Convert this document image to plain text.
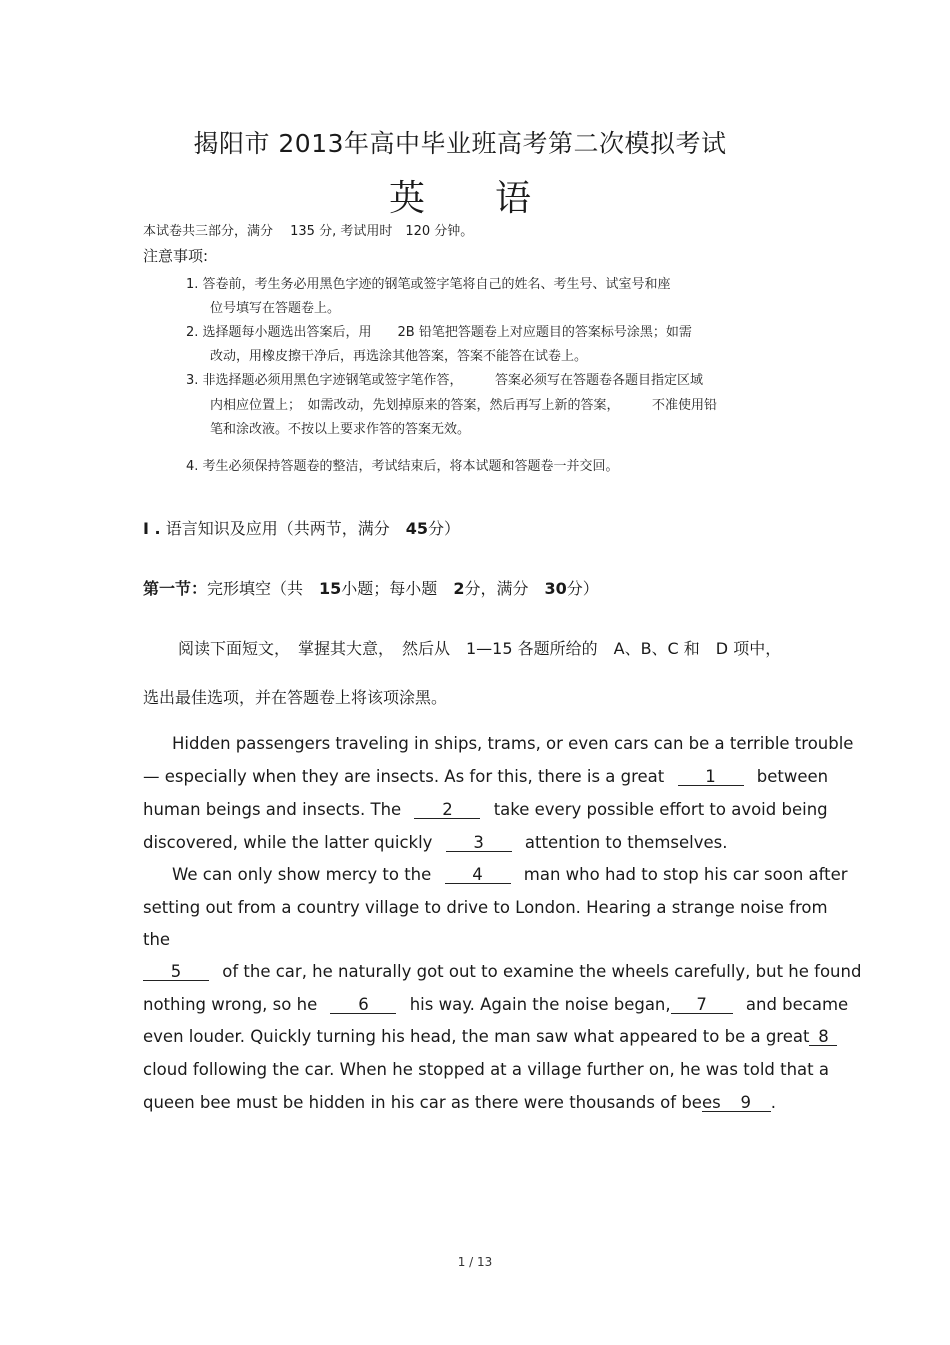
揭阳市 2013年高中毕业班高考第二次模拟考试
英语
本试卷共三部分，满分　 135 分, 考试用时　120 分钟。
注意事项:
1. 答卷前，考生务必用黑色字迹的钢笔或签字笔将自己的姓名、考生号、试室号和座
位号填写在答题卷上。
2. 选择题每小题选出答案后，用　　2B 铅笔把答题卷上对应题目的答案标号涂黑；如需
改动，用橡皮擦干净后，再选涂其他答案，答案不能答在试卷上。
3. 非选择题必须用黑色字迹钢笔或签字笔作答，　　　答案必须写在答题卷各题目指定区域
内相应位置上；　如需改动，先划掉原来的答案，然后再写上新的答案，　　　不准使用铅
笔和涂改液。不按以上要求作答的答案无效。
4. 考生必须保持答题卷的整洁，考试结束后，将本试题和答题卷一并交回。
I . 语言知识及应用（共两节，满分　45分）
第一节：完形填空（共　15小题；每小题　2分，满分　30分）
阅读下面短文，　掌握其大意，　然后从　1—15 各题所给的　A、B、C 和　D 项中，
选出最佳选项，并在答题卷上将该项涂黑。
Hidden passengers traveling in ships, trams, or even cars can be a terrible trouble
— especially when they are insects. As for this, there is a great 1 between
human beings and insects. The 2 take every possible effort to avoid being
discovered, while the latter quickly 3 attention to themselves.
We can only show mercy to the 4 man who had to stop his car soon after
setting out from a country village to drive to London. Hearing a strange noise from
the
5 of the car, he naturally got out to examine the wheels carefully, but he found
nothing wrong, so he 6 his way. Again the noise began, 7 and became
even louder. Quickly turning his head, the man saw what appeared to be a great 8
cloud following the car. When he stopped at a village further on, he was told that a
queen bee must be hidden in his car as there were thousands of bees 9 .
1 / 13
